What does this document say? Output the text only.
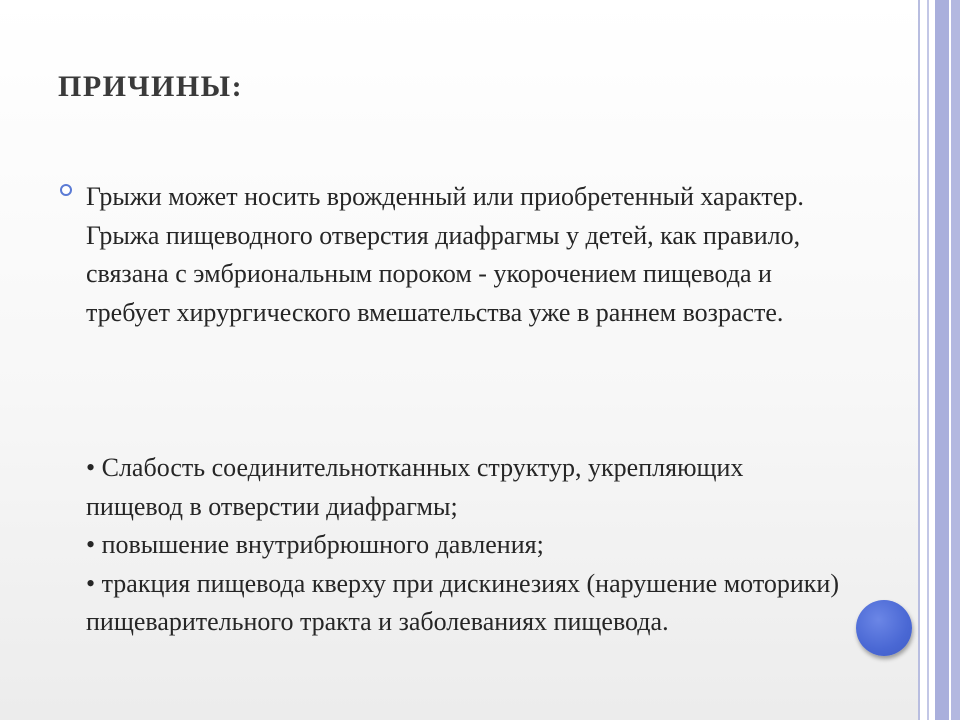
ПРИЧИНЫ:

Грыжи может носить врожденный или приобретенный характер. Грыжа пищеводного отверстия диафрагмы у детей, как правило, связана с эмбриональным пороком - укорочением пищевода и требует хирургического вмешательства уже в раннем возрасте.

• Слабость соединительнотканных структур, укрепляющих пищевод в отверстии диафрагмы;
• повышение внутрибрюшного давления;
• тракция пищевода кверху при дискинезиях (нарушение моторики) пищеварительного тракта и заболеваниях пищевода.
